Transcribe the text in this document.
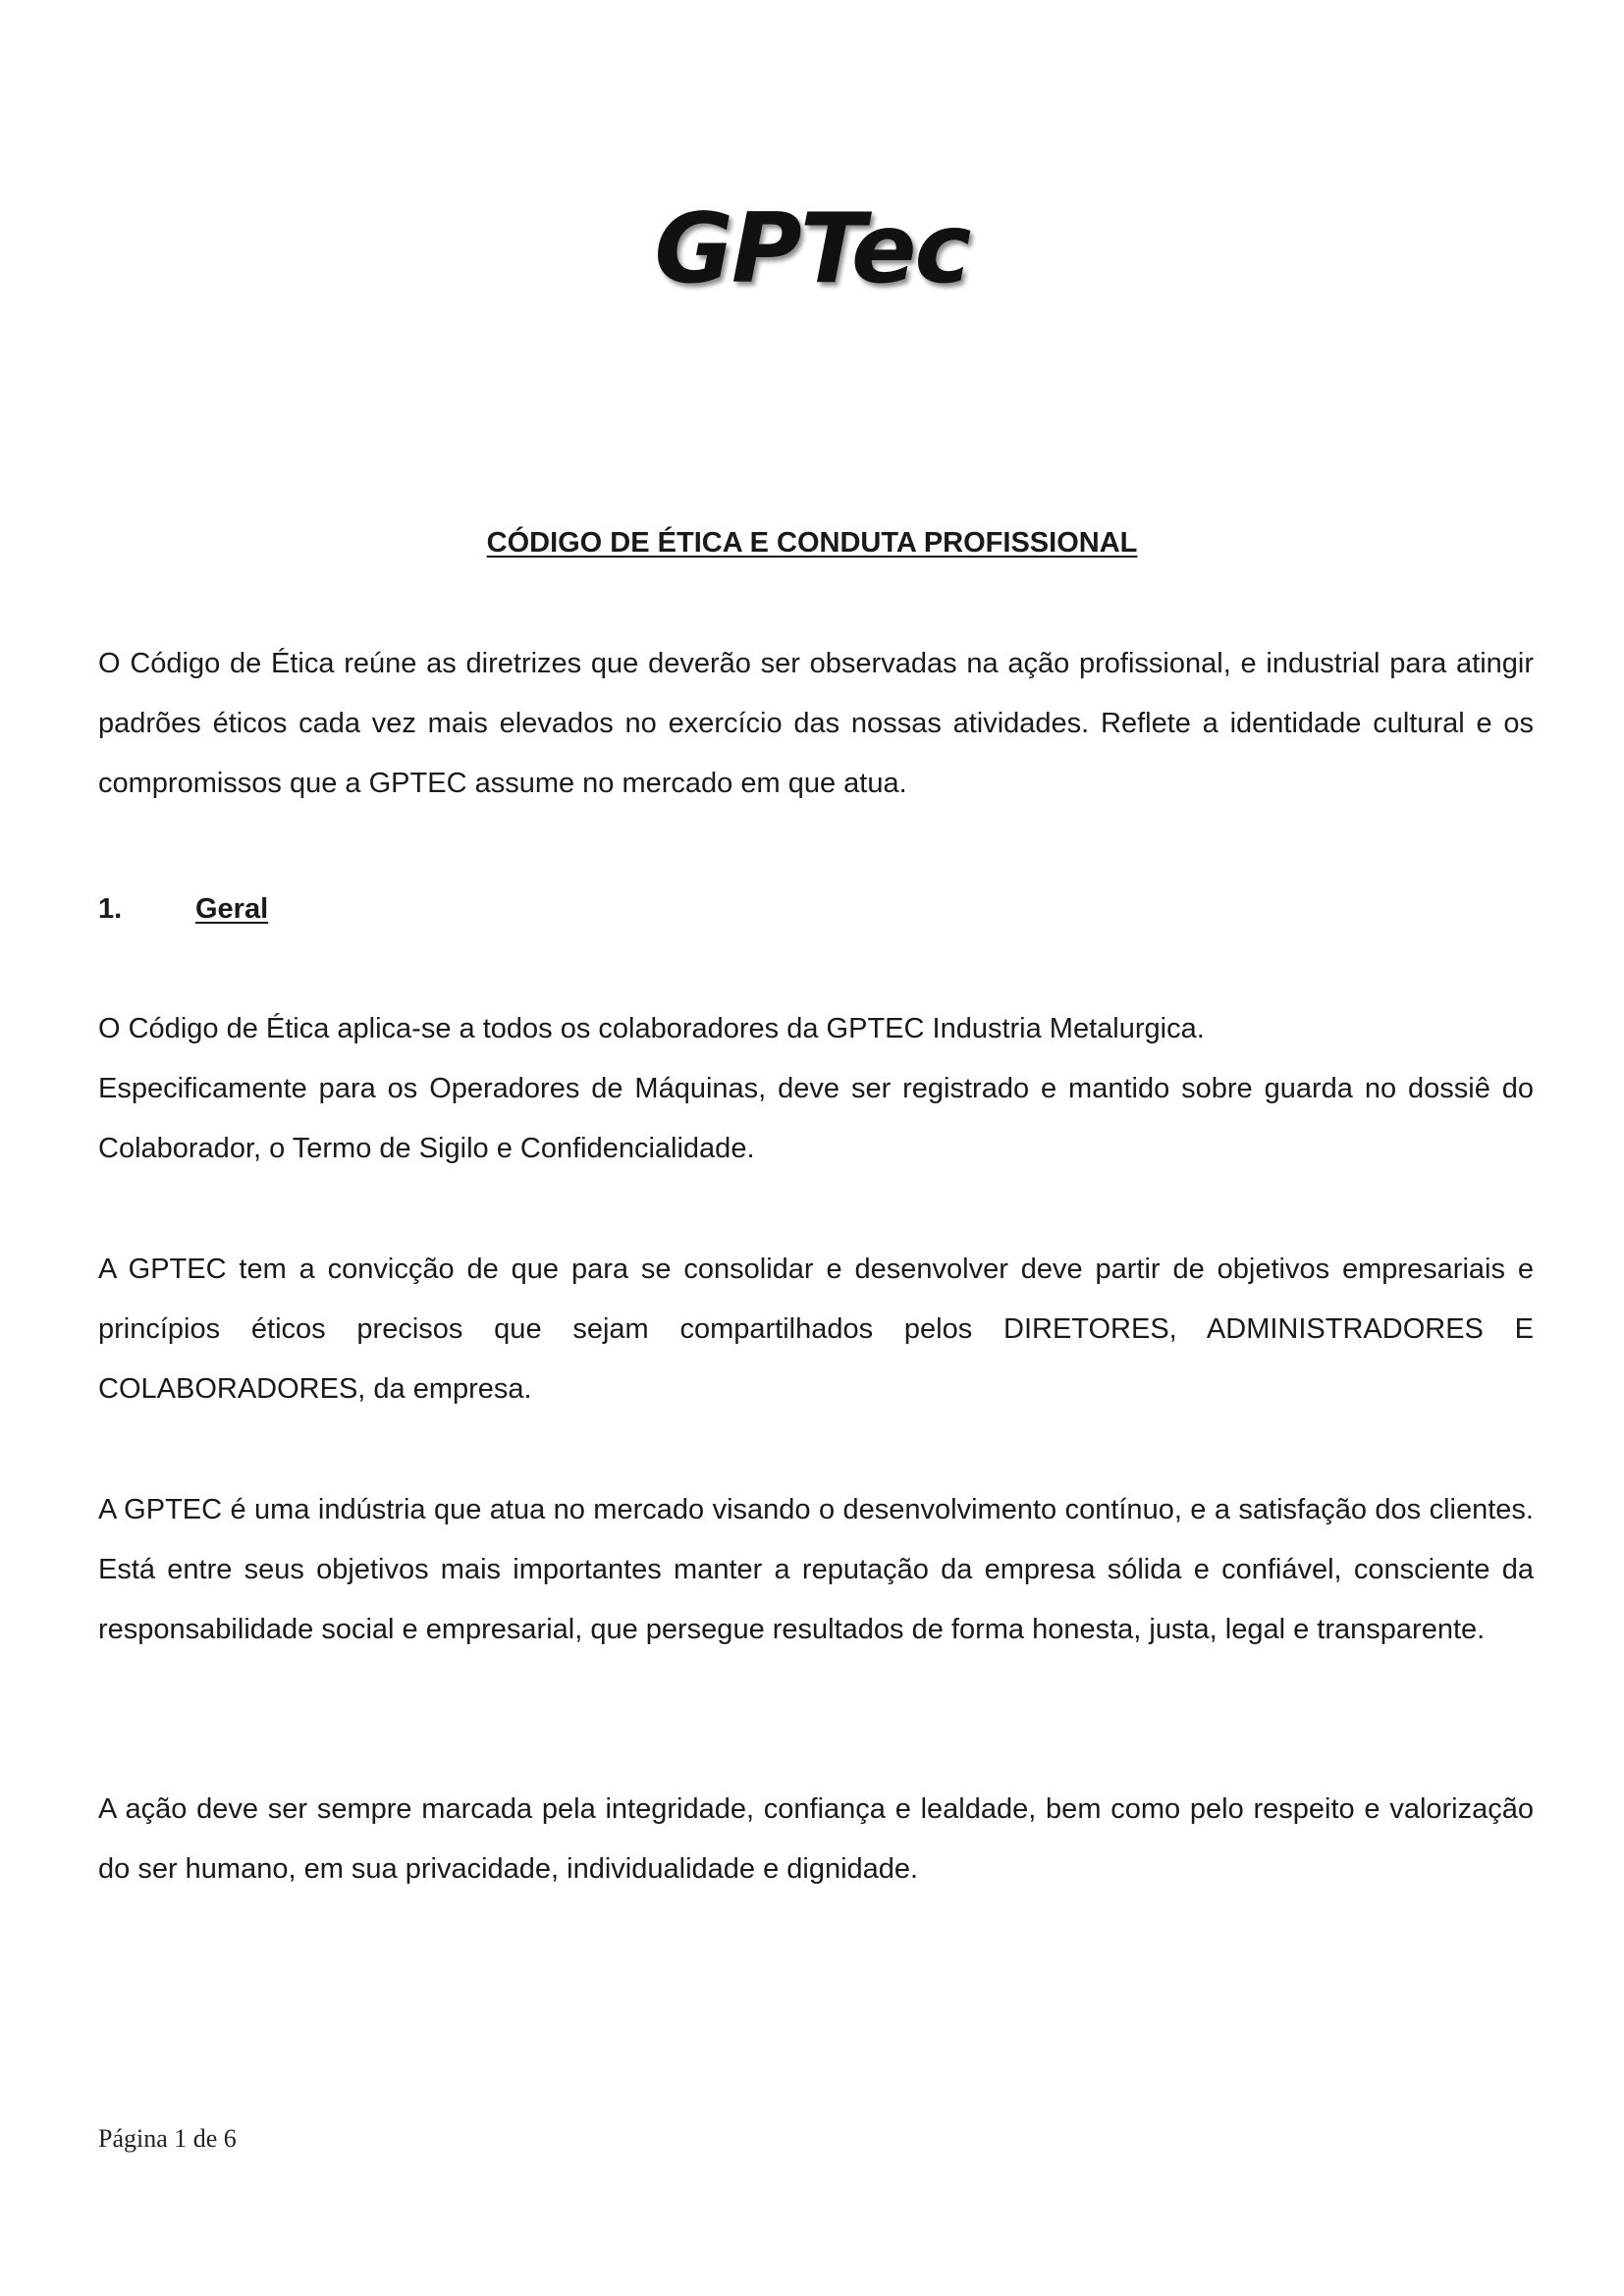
GPTec
CÓDIGO DE ÉTICA E CONDUTA PROFISSIONAL

O Código de Ética reúne as diretrizes que deverão ser observadas na ação profissional, e industrial para atingir padrões éticos cada vez mais elevados no exercício das nossas atividades. Reflete a identidade cultural e os compromissos que a GPTEC assume no mercado em que atua.

1.	Geral

O Código de Ética aplica-se a todos os colaboradores da GPTEC Industria Metalurgica.

Especificamente para os Operadores de Máquinas, deve ser registrado e mantido sobre guarda no dossiê do Colaborador, o Termo de Sigilo e Confidencialidade.

A GPTEC tem a convicção de que para se consolidar e desenvolver deve partir de objetivos empresariais e princípios éticos precisos que sejam compartilhados pelos DIRETORES, ADMINISTRADORES E COLABORADORES, da empresa.

A GPTEC é uma indústria que atua no mercado visando o desenvolvimento contínuo, e a satisfação dos clientes. Está entre seus objetivos mais importantes manter a reputação da empresa sólida e confiável, consciente da responsabilidade social e empresarial, que persegue resultados de forma honesta, justa, legal e transparente.

A ação deve ser sempre marcada pela integridade, confiança e lealdade, bem como pelo respeito e valorização do ser humano, em sua privacidade, individualidade e dignidade.

Página 1 de 6
